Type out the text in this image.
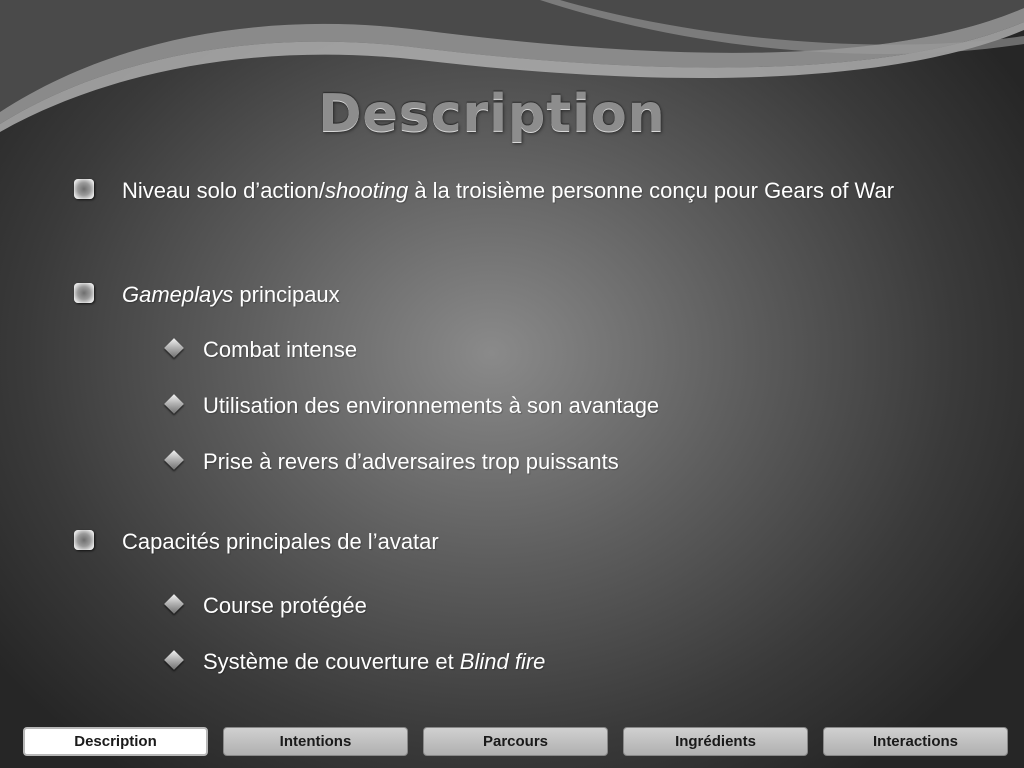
Description
Niveau solo d’action/shooting à la troisième personne conçu pour Gears of War
Gameplays principaux
Combat intense
Utilisation des environnements à son avantage
Prise à revers d’adversaires trop puissants
Capacités principales de l’avatar
Course protégée
Système de couverture et Blind fire
Description	Intentions	Parcours	Ingrédients	Interactions
